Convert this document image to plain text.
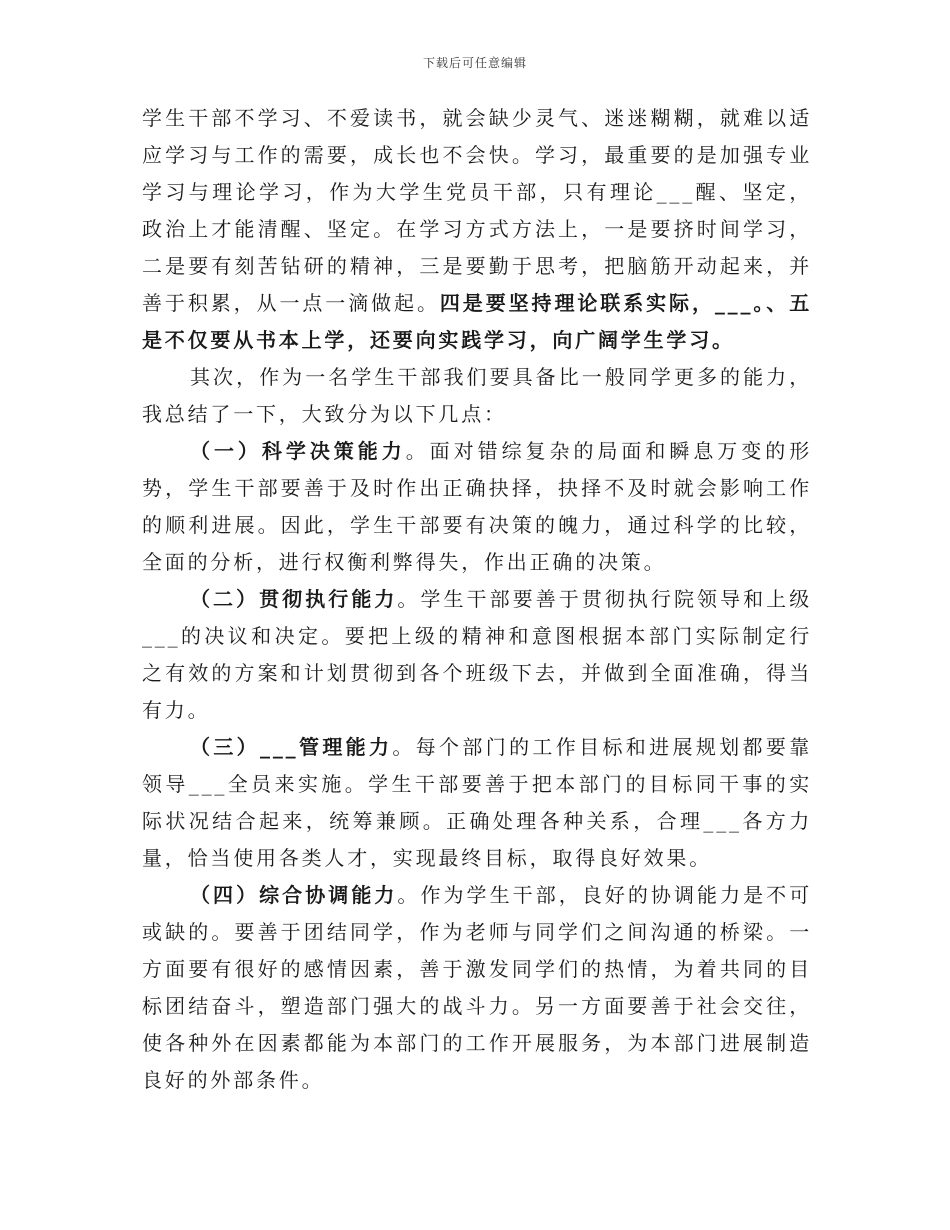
下载后可任意编辑

学生干部不学习、不爱读书，就会缺少灵气、迷迷糊糊，就难以适应学习与工作的需要，成长也不会快。学习，最重要的是加强专业学习与理论学习，作为大学生党员干部，只有理论___醒、坚定，政治上才能清醒、坚定。在学习方式方法上，一是要挤时间学习，二是要有刻苦钻研的精神，三是要勤于思考，把脑筋开动起来，并善于积累，从一点一滴做起。四是要坚持理论联系实际，___。、五是不仅要从书本上学，还要向实践学习，向广阔学生学习。

其次，作为一名学生干部我们要具备比一般同学更多的能力，我总结了一下，大致分为以下几点：

（一）科学决策能力。面对错综复杂的局面和瞬息万变的形势，学生干部要善于及时作出正确抉择，抉择不及时就会影响工作的顺利进展。因此，学生干部要有决策的魄力，通过科学的比较，全面的分析，进行权衡利弊得失，作出正确的决策。

（二）贯彻执行能力。学生干部要善于贯彻执行院领导和上级___的决议和决定。要把上级的精神和意图根据本部门实际制定行之有效的方案和计划贯彻到各个班级下去，并做到全面准确，得当有力。

（三）___管理能力。每个部门的工作目标和进展规划都要靠领导___全员来实施。学生干部要善于把本部门的目标同干事的实际状况结合起来，统筹兼顾。正确处理各种关系，合理___各方力量，恰当使用各类人才，实现最终目标，取得良好效果。

（四）综合协调能力。作为学生干部，良好的协调能力是不可或缺的。要善于团结同学，作为老师与同学们之间沟通的桥梁。一方面要有很好的感情因素，善于激发同学们的热情，为着共同的目标团结奋斗，塑造部门强大的战斗力。另一方面要善于社会交往，使各种外在因素都能为本部门的工作开展服务，为本部门进展制造良好的外部条件。
